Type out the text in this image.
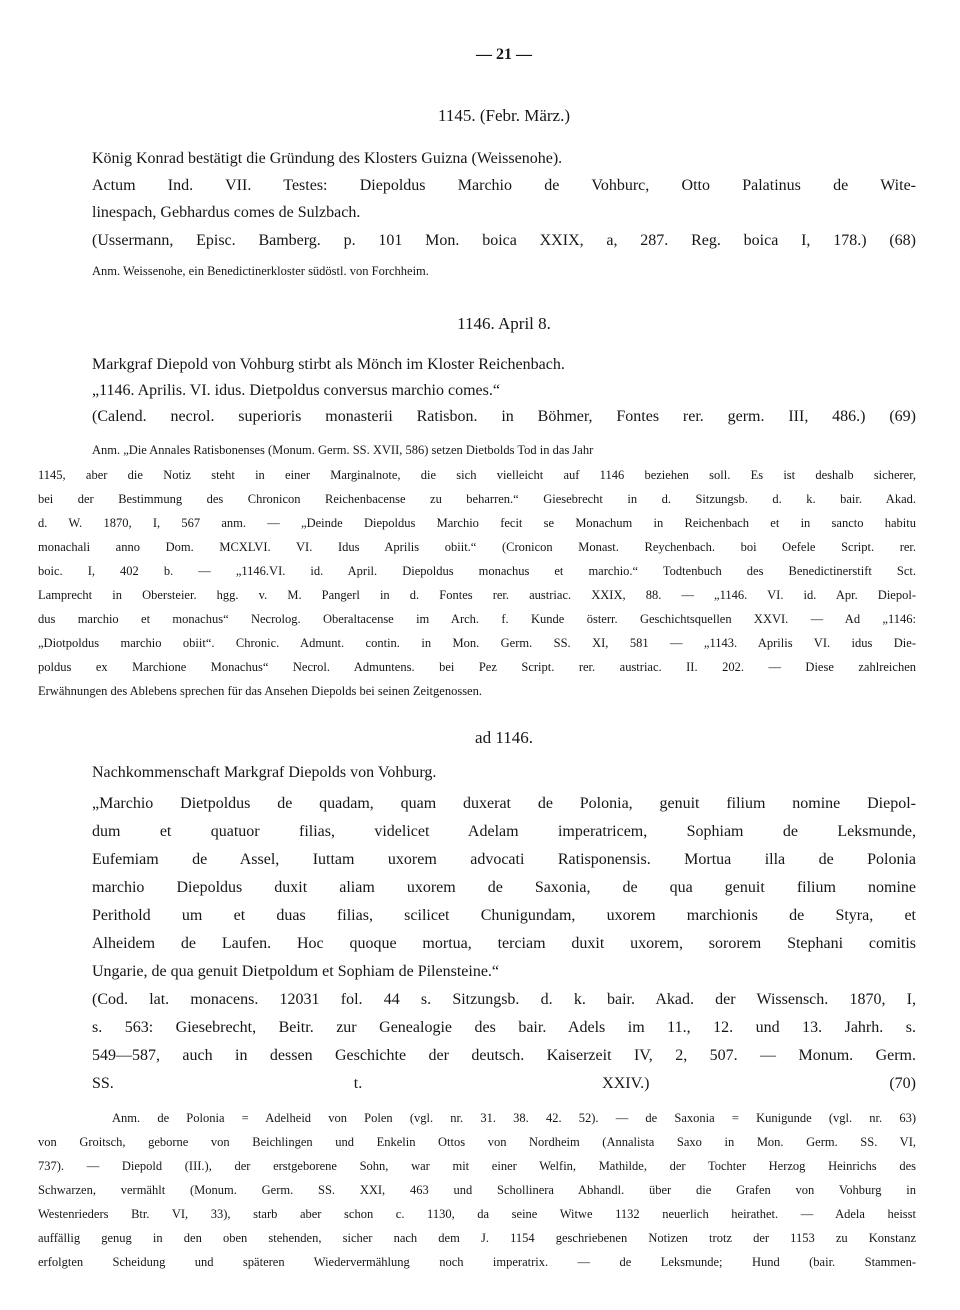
— 21 —
1145. (Febr. März.)
König Konrad bestätigt die Gründung des Klosters Guizna (Weissenohe).
Actum Ind. VII. Testes: Diepoldus Marchio de Vohburc, Otto Palatinus de Wite-
linespach, Gebhardus comes de Sulzbach.
(Ussermann, Episc. Bamberg. p. 101 Mon. boica XXIX, a, 287. Reg. boica I, 178.) (68)
Anm. Weissenohe, ein Benedictinerkloster südöstl. von Forchheim.
1146. April 8.
Markgraf Diepold von Vohburg stirbt als Mönch im Kloster Reichenbach.
„1146. Aprilis. VI. idus. Dietpoldus conversus marchio comes.“
(Calend. necrol. superioris monasterii Ratisbon. in Böhmer, Fontes rer. germ. III, 486.) (69)
Anm. „Die Annales Ratisbonenses (Monum. Germ. SS. XVII, 586) setzen Dietbolds Tod in das Jahr
1145, aber die Notiz steht in einer Marginalnote, die sich vielleicht auf 1146 beziehen soll. Es ist deshalb sicherer,
bei der Bestimmung des Chronicon Reichenbacense zu beharren.“ Giesebrecht in d. Sitzungsb. d. k. bair. Akad.
d. W. 1870, I, 567 anm. — „Deinde Diepoldus Marchio fecit se Monachum in Reichenbach et in sancto habitu
monachali anno Dom. MCXLVI. VI. Idus Aprilis obiit.“ (Cronicon Monast. Reychenbach. boi Oefele Script. rer.
boic. I, 402 b. — „1146.VI. id. April. Diepoldus monachus et marchio.“ Todtenbuch des Benedictinerstift Sct.
Lamprecht in Obersteier. hgg. v. M. Pangerl in d. Fontes rer. austriac. XXIX, 88. — „1146. VI. id. Apr. Diepol-
dus marchio et monachus“ Necrolog. Oberaltacense im Arch. f. Kunde österr. Geschichtsquellen XXVI. — Ad „1146:
„Diotpoldus marchio obiit“. Chronic. Admunt. contin. in Mon. Germ. SS. XI, 581 — „1143. Aprilis VI. idus Die-
poldus ex Marchione Monachus“ Necrol. Admuntens. bei Pez Script. rer. austriac. II. 202. — Diese zahlreichen
Erwähnungen des Ablebens sprechen für das Ansehen Diepolds bei seinen Zeitgenossen.
ad 1146.
Nachkommenschaft Markgraf Diepolds von Vohburg.
„Marchio Dietpoldus de quadam, quam duxerat de Polonia, genuit filium nomine Diepol-
dum et quatuor filias, videlicet Adelam imperatricem, Sophiam de Leksmunde,
Eufemiam de Assel, Iuttam uxorem advocati Ratisponensis. Mortua illa de Polonia
marchio Diepoldus duxit aliam uxorem de Saxonia, de qua genuit filium nomine
Perithold um et duas filias, scilicet Chunigundam, uxorem marchionis de Styra, et
Alheidem de Laufen. Hoc quoque mortua, terciam duxit uxorem, sororem Stephani comitis
Ungarie, de qua genuit Dietpoldum et Sophiam de Pilensteine.“
(Cod. lat. monacens. 12031 fol. 44 s. Sitzungsb. d. k. bair. Akad. der Wissensch. 1870, I,
s. 563: Giesebrecht, Beitr. zur Genealogie des bair. Adels im 11., 12. und 13. Jahrh. s.
549—587, auch in dessen Geschichte der deutsch. Kaiserzeit IV, 2, 507. — Monum. Germ.
SS. t. XXIV.) (70)
Anm. de Polonia = Adelheid von Polen (vgl. nr. 31. 38. 42. 52). — de Saxonia = Kunigunde (vgl. nr. 63)
von Groitsch, geborne von Beichlingen und Enkelin Ottos von Nordheim (Annalista Saxo in Mon. Germ. SS. VI,
737). — Diepold (III.), der erstgeborene Sohn, war mit einer Welfin, Mathilde, der Tochter Herzog Heinrichs des
Schwarzen, vermählt (Monum. Germ. SS. XXI, 463 und Schollinera Abhandl. über die Grafen von Vohburg in
Westenrieders Btr. VI, 33), starb aber schon c. 1130, da seine Witwe 1132 neuerlich heirathet. — Adela heisst
auffällig genug in den oben stehenden, sicher nach dem J. 1154 geschriebenen Notizen trotz der 1153 zu Konstanz
erfolgten Scheidung und späteren Wiedervermählung noch imperatrix. — de Leksmunde; Hund (bair. Stammen-
